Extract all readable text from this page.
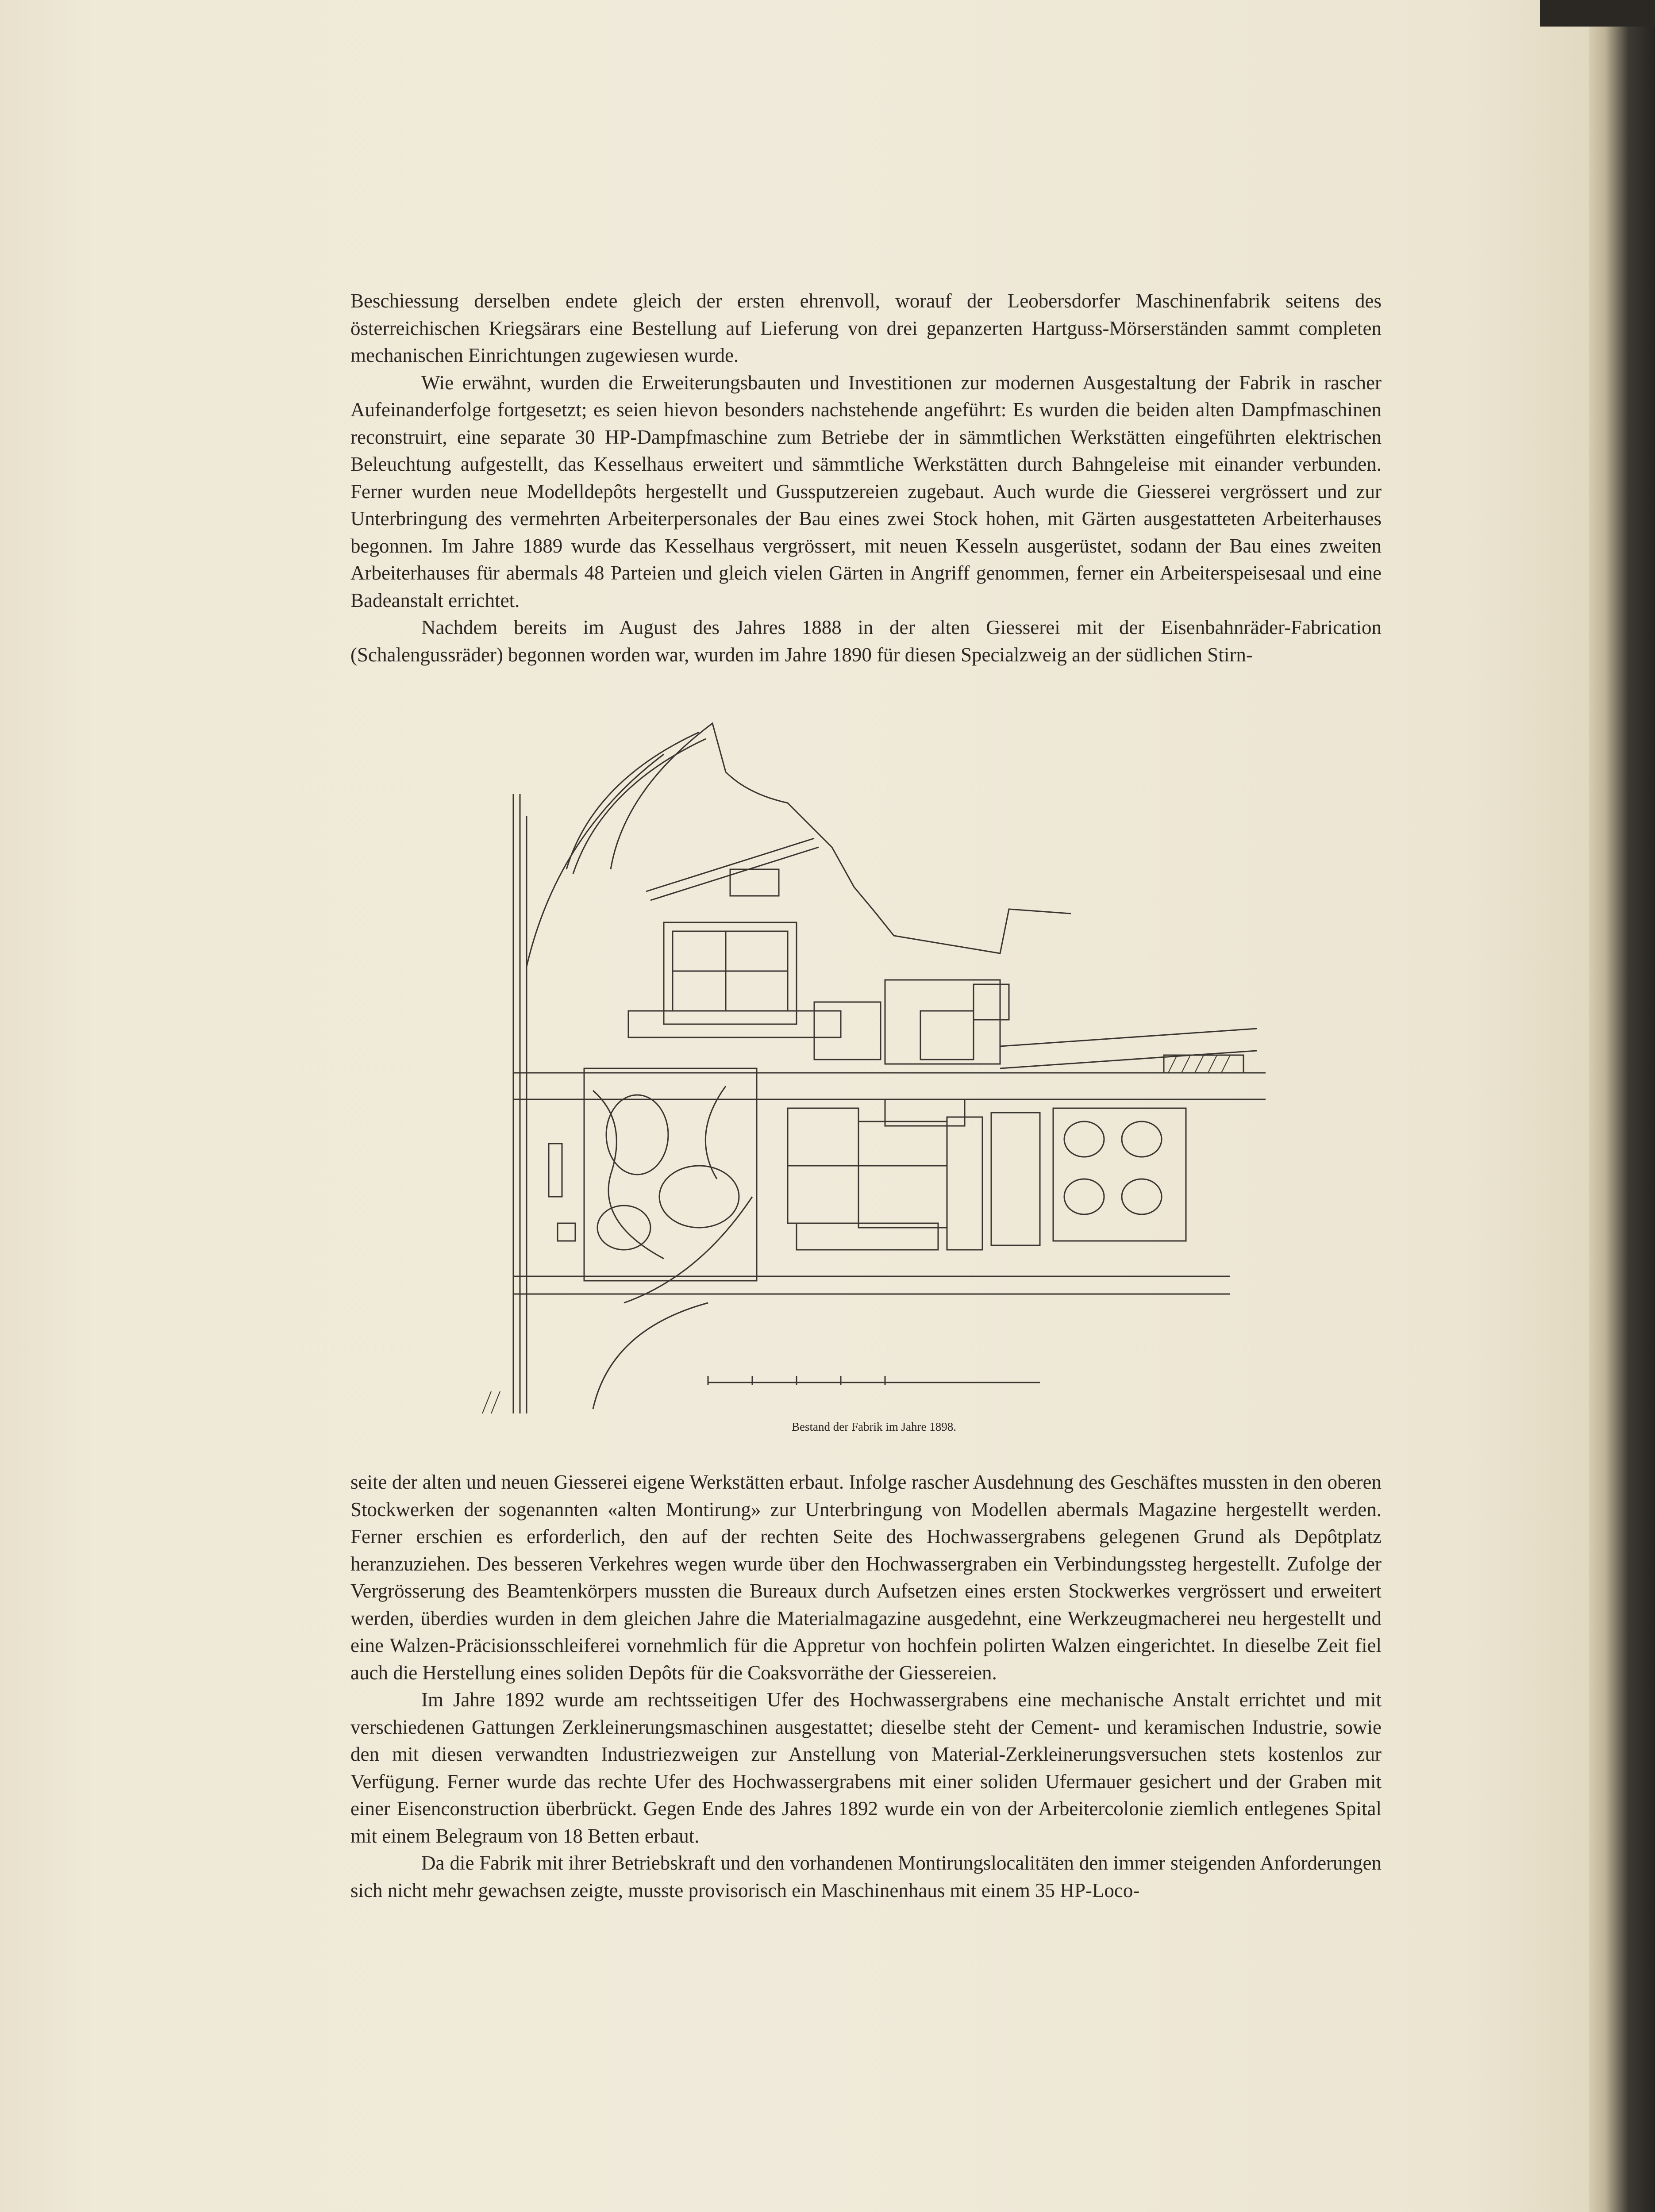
Beschiessung derselben endete gleich der ersten ehrenvoll, worauf der Leobersdorfer Maschinenfabrik seitens des österreichischen Kriegsärars eine Bestellung auf Lieferung von drei gepanzerten Hartguss-Mörserständen sammt completen mechanischen Einrichtungen zugewiesen wurde.

Wie erwähnt, wurden die Erweiterungsbauten und Investitionen zur modernen Ausgestaltung der Fabrik in rascher Aufeinanderfolge fortgesetzt; es seien hievon besonders nachstehende angeführt: Es wurden die beiden alten Dampfmaschinen reconstruirt, eine separate 30 HP-Dampfmaschine zum Betriebe der in sämmtlichen Werkstätten eingeführten elektrischen Beleuchtung aufgestellt, das Kesselhaus erweitert und sämmtliche Werkstätten durch Bahngeleise mit einander verbunden. Ferner wurden neue Modelldepôts hergestellt und Gussputzereien zugebaut. Auch wurde die Giesserei vergrössert und zur Unterbringung des vermehrten Arbeiterpersonales der Bau eines zwei Stock hohen, mit Gärten ausgestatteten Arbeiterhauses begonnen. Im Jahre 1889 wurde das Kesselhaus vergrössert, mit neuen Kesseln ausgerüstet, sodann der Bau eines zweiten Arbeiterhauses für abermals 48 Parteien und gleich vielen Gärten in Angriff genommen, ferner ein Arbeiterspeisesaal und eine Badeanstalt errichtet.

Nachdem bereits im August des Jahres 1888 in der alten Giesserei mit der Eisenbahnräder-Fabrication (Schalengussräder) begonnen worden war, wurden im Jahre 1890 für diesen Specialzweig an der südlichen Stirn-

Bestand der Fabrik im Jahre 1898.

seite der alten und neuen Giesserei eigene Werkstätten erbaut. Infolge rascher Ausdehnung des Geschäftes mussten in den oberen Stockwerken der sogenannten «alten Montirung» zur Unterbringung von Modellen abermals Magazine hergestellt werden. Ferner erschien es erforderlich, den auf der rechten Seite des Hochwassergrabens gelegenen Grund als Depôtplatz heranzuziehen. Des besseren Verkehres wegen wurde über den Hochwassergraben ein Verbindungssteg hergestellt. Zufolge der Vergrösserung des Beamtenkörpers mussten die Bureaux durch Aufsetzen eines ersten Stockwerkes vergrössert und erweitert werden, überdies wurden in dem gleichen Jahre die Materialmagazine ausgedehnt, eine Werkzeugmacherei neu hergestellt und eine Walzen-Präcisionsschleiferei vornehmlich für die Appretur von hochfein polirten Walzen eingerichtet. In dieselbe Zeit fiel auch die Herstellung eines soliden Depôts für die Coaksvorräthe der Giessereien.

Im Jahre 1892 wurde am rechtsseitigen Ufer des Hochwassergrabens eine mechanische Anstalt errichtet und mit verschiedenen Gattungen Zerkleinerungsmaschinen ausgestattet; dieselbe steht der Cement- und keramischen Industrie, sowie den mit diesen verwandten Industriezweigen zur Anstellung von Material-Zerkleinerungsversuchen stets kostenlos zur Verfügung. Ferner wurde das rechte Ufer des Hochwassergrabens mit einer soliden Ufermauer gesichert und der Graben mit einer Eisenconstruction überbrückt. Gegen Ende des Jahres 1892 wurde ein von der Arbeitercolonie ziemlich entlegenes Spital mit einem Belegraum von 18 Betten erbaut.

Da die Fabrik mit ihrer Betriebskraft und den vorhandenen Montirungslocalitäten den immer steigenden Anforderungen sich nicht mehr gewachsen zeigte, musste provisorisch ein Maschinenhaus mit einem 35 HP-Loco-
